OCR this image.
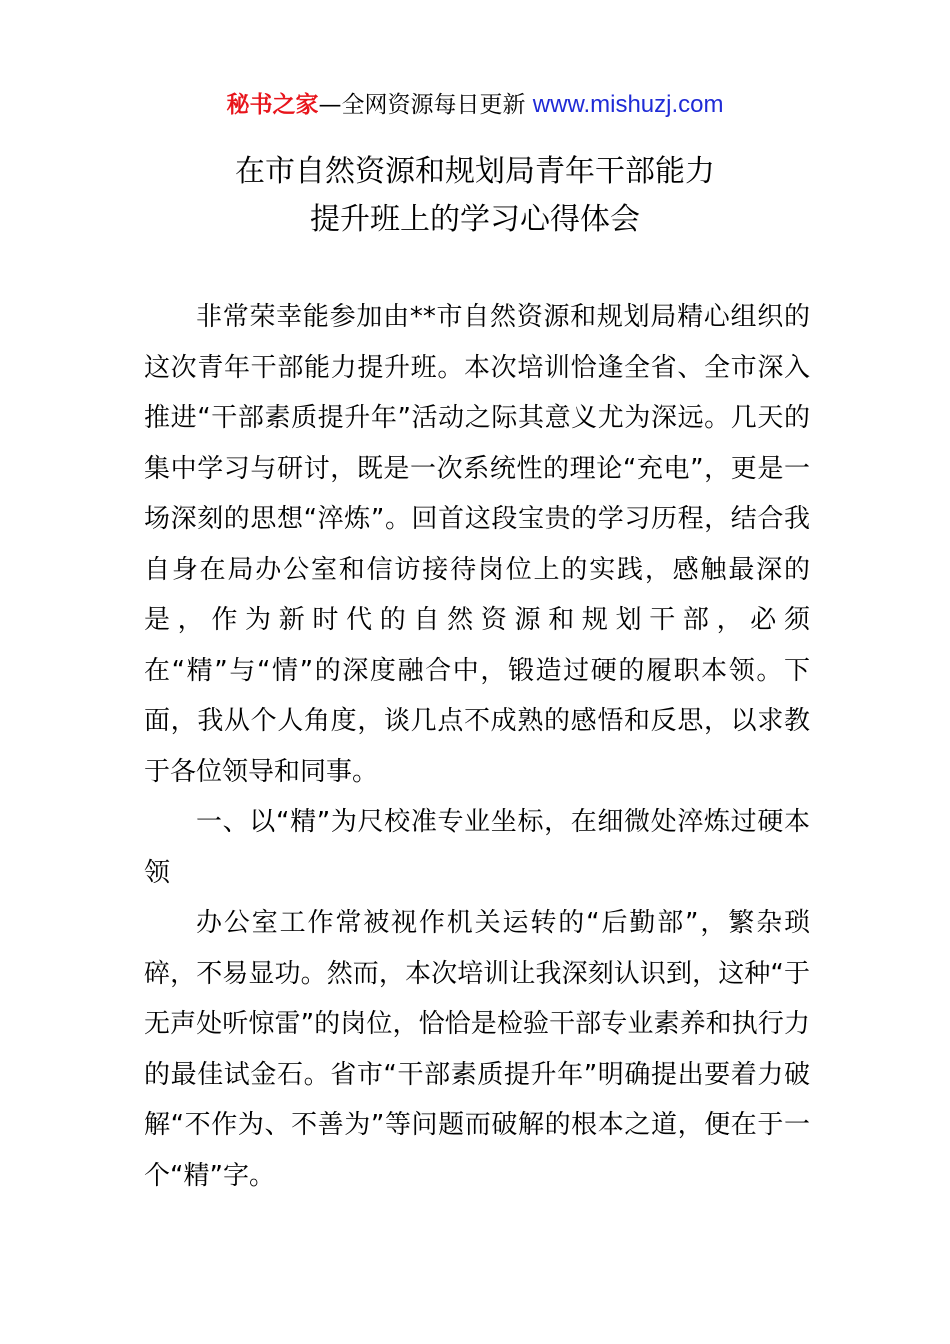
秘书之家—全网资源每日更新 www.mishuzj.com
在市自然资源和规划局青年干部能力
提升班上的学习心得体会

非常荣幸能参加由**市自然资源和规划局精心组织的这次青年干部能力提升班。本次培训恰逢全省、全市深入推进“干部素质提升年”活动之际其意义尤为深远。几天的集中学习与研讨，既是一次系统性的理论“充电”，更是一场深刻的思想“淬炼”。回首这段宝贵的学习历程，结合我自身在局办公室和信访接待岗位上的实践，感触最深的是，作为新时代的自然资源和规划干部，必须在“精”与“情”的深度融合中，锻造过硬的履职本领。下面，我从个人角度，谈几点不成熟的感悟和反思，以求教于各位领导和同事。

一、以“精”为尺校准专业坐标，在细微处淬炼过硬本领

办公室工作常被视作机关运转的“后勤部”，繁杂琐碎，不易显功。然而，本次培训让我深刻认识到，这种“于无声处听惊雷”的岗位，恰恰是检验干部专业素养和执行力的最佳试金石。省市“干部素质提升年”明确提出要着力破解“不作为、不善为”等问题而破解的根本之道，便在于一个“精”字。
